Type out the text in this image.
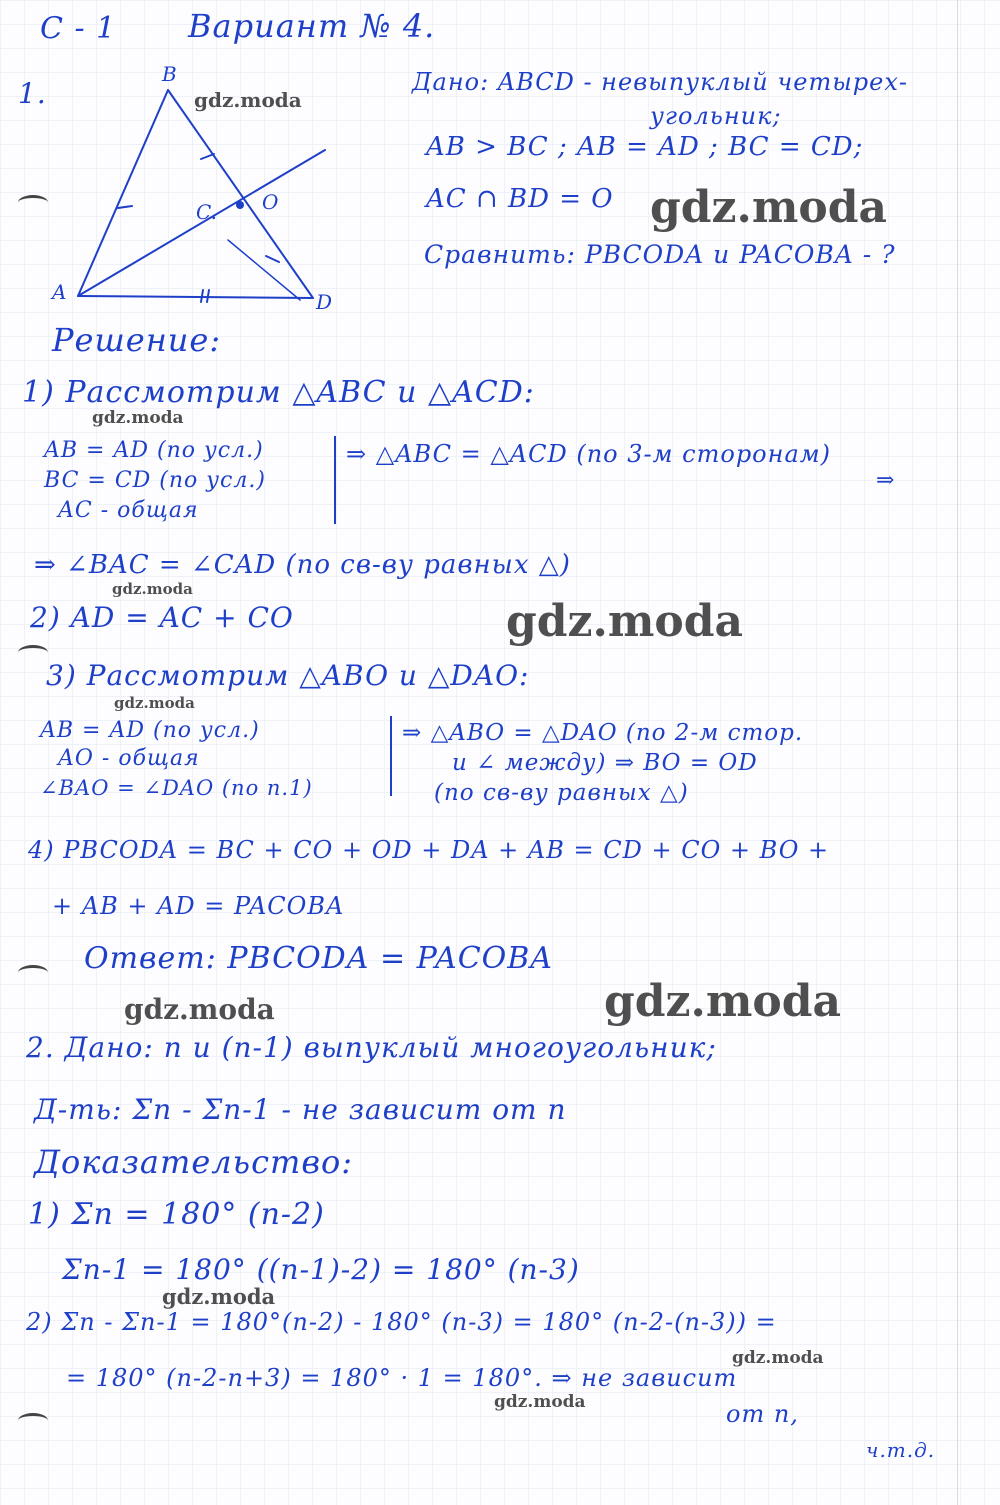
С - 1 Вариант № 4.
1.
B
C. O
A	D
Дано: ABCD - невыпуклый четырех-
угольник;
AB > BC ; AB = AD ; BC = CD;
AC ∩ BD = O
Сравнить: PBCODA и PACOBA - ?
Решение:
1) Рассмотрим △ABC и △ACD:
AB = AD (по усл.)
BC = CD (по усл.)
AC - общая
⇒ △ABC = △ACD (по 3-м сторонам)
⇒
⇒ ∠BAC = ∠CAD (по св-ву равных △)
2) AD = AC + CO
3) Рассмотрим △ABO и △DAO:
AB = AD (по усл.)
AO - общая
∠BAO = ∠DAO (по п.1)
⇒ △ABO = △DAO (по 2-м стор.
и ∠ между) ⇒ BO = OD
(по св-ву равных △)
4) PBCODA = BC + CO + OD + DA + AB = CD + CO + BO +
+ AB + AD = PACOBA
Ответ: PBCODA = PACOBA
2. Дано: n и (n-1) выпуклый многоугольник;
Д-ть: Σn - Σn-1 - не зависит от n
Доказательство:
1) Σn = 180° (n-2)
Σn-1 = 180° ((n-1)-2) = 180° (n-3)
2) Σn - Σn-1 = 180°(n-2) - 180° (n-3) = 180° (n-2-(n-3)) =
= 180° (n-2-n+3) = 180° · 1 = 180°. ⇒ не зависит
от n,
ч.т.д.
gdz.moda
gdz.moda
gdz.moda
gdz.moda
gdz.moda
gdz.moda
gdz.moda
gdz.moda
gdz.moda
gdz.moda
gdz.moda
